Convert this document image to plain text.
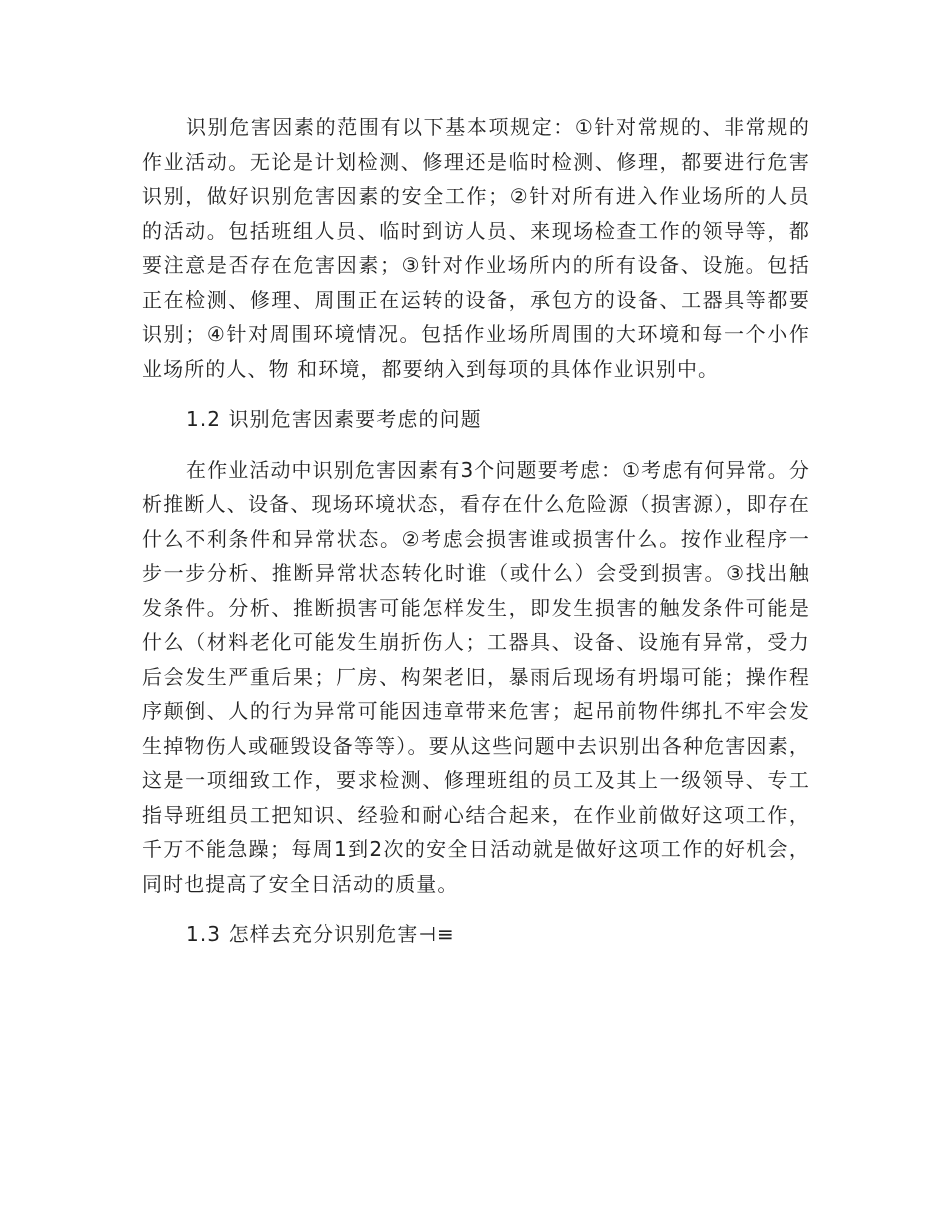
识别危害因素的范围有以下基本项规定：①针对常规的、非常规的作业活动。无论是计划检测、修理还是临时检测、修理，都要进行危害识别，做好识别危害因素的安全工作；②针对所有进入作业场所的人员的活动。包括班组人员、临时到访人员、来现场检查工作的领导等，都要注意是否存在危害因素；③针对作业场所内的所有设备、设施。包括正在检测、修理、周围正在运转的设备，承包方的设备、工器具等都要识别；④针对周围环境情况。包括作业场所周围的大环境和每一个小作业场所的人、物 和环境，都要纳入到每项的具体作业识别中。

1.2 识别危害因素要考虑的问题

在作业活动中识别危害因素有3个问题要考虑：①考虑有何异常。分析推断人、设备、现场环境状态，看存在什么危险源（损害源），即存在什么不利条件和异常状态。②考虑会损害谁或损害什么。按作业程序一步一步分析、推断异常状态转化时谁（或什么）会受到损害。③找出触发条件。分析、推断损害可能怎样发生，即发生损害的触发条件可能是什么（材料老化可能发生崩折伤人；工器具、设备、设施有异常，受力后会发生严重后果；厂房、构架老旧，暴雨后现场有坍塌可能；操作程序颠倒、人的行为异常可能因违章带来危害；起吊前物件绑扎不牢会发生掉物伤人或砸毁设备等等）。要从这些问题中去识别出各种危害因素，这是一项细致工作，要求检测、修理班组的员工及其上一级领导、专工指导班组员工把知识、经验和耐心结合起来，在作业前做好这项工作，千万不能急躁；每周1到2次的安全日活动就是做好这项工作的好机会，同时也提高了安全日活动的质量。

1.3 怎样去充分识别危害⊣≡
